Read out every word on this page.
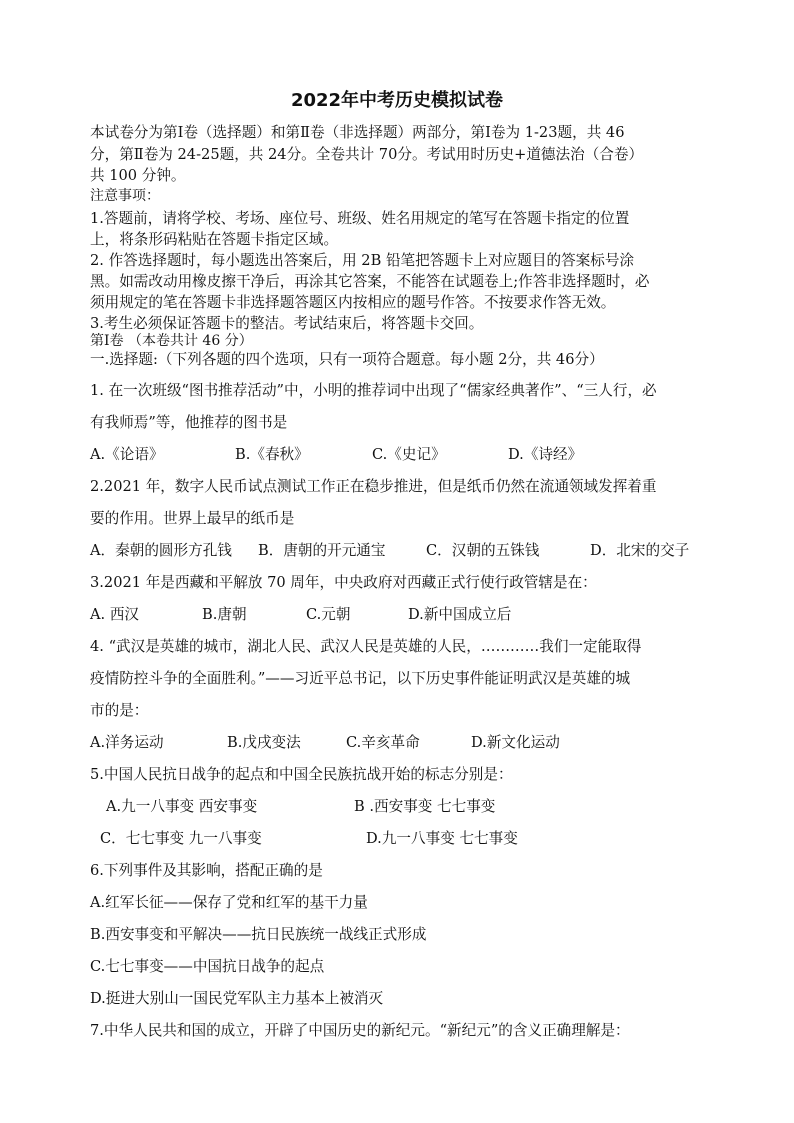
2022年中考历史模拟试卷
本试卷分为第Ⅰ卷（选择题）和第Ⅱ卷（非选择题）两部分，第Ⅰ卷为 1-23题，共 46
分，第Ⅱ卷为 24-25题，共 24分。全卷共计 70分。考试用时历史+道德法治（合卷）
共 100 分钟。
注意事项：
1.答题前，请将学校、考场、座位号、班级、姓名用规定的笔写在答题卡指定的位置
上，将条形码粘贴在答题卡指定区域。
2. 作答选择题时，每小题选出答案后，用 2B 铅笔把答题卡上对应题目的答案标号涂
黑。如需改动用橡皮擦干净后，再涂其它答案，不能答在试题卷上;作答非选择题时，必
须用规定的笔在答题卡非选择题答题区内按相应的题号作答。不按要求作答无效。
3.考生必须保证答题卡的整洁。考试结束后，将答题卡交回。
第Ⅰ卷 （本卷共计 46 分）
一.选择题:（下列各题的四个选项，只有一项符合题意。每小题 2分，共 46分）
1. 在一次班级“图书推荐活动”中，小明的推荐词中出现了“儒家经典著作”、“三人行，必
有我师焉”等，他推荐的图书是
A.《论语》	B.《春秋》	C.《史记》	D.《诗经》
2.2021 年，数字人民币试点测试工作正在稳步推进，但是纸币仍然在流通领域发挥着重
要的作用。世界上最早的纸币是
A．秦朝的圆形方孔钱 B．唐朝的开元通宝	C．汉朝的五铢钱	D．北宋的交子
3.2021 年是西藏和平解放 70 周年，中央政府对西藏正式行使行政管辖是在：
A. 西汉	B.唐朝	C.元朝	D.新中国成立后
4. “武汉是英雄的城市，湖北人民、武汉人民是英雄的人民，…………我们一定能取得
疫情防控斗争的全面胜利。”——习近平总书记，以下历史事件能证明武汉是英雄的城
市的是：
A.洋务运动	B.戊戌变法	C.辛亥革命	D.新文化运动
5.中国人民抗日战争的起点和中国全民族抗战开始的标志分别是：
A.九一八事变 西安事变	B .西安事变 七七事变
C．七七事变 九一八事变	D.九一八事变 七七事变
6.下列事件及其影响，搭配正确的是
A.红军长征——保存了党和红军的基干力量
B.西安事变和平解决——抗日民族统一战线正式形成
C.七七事变——中国抗日战争的起点
D.挺进大别山一国民党军队主力基本上被消灭
7.中华人民共和国的成立，开辟了中国历史的新纪元。“新纪元”的含义正确理解是：
